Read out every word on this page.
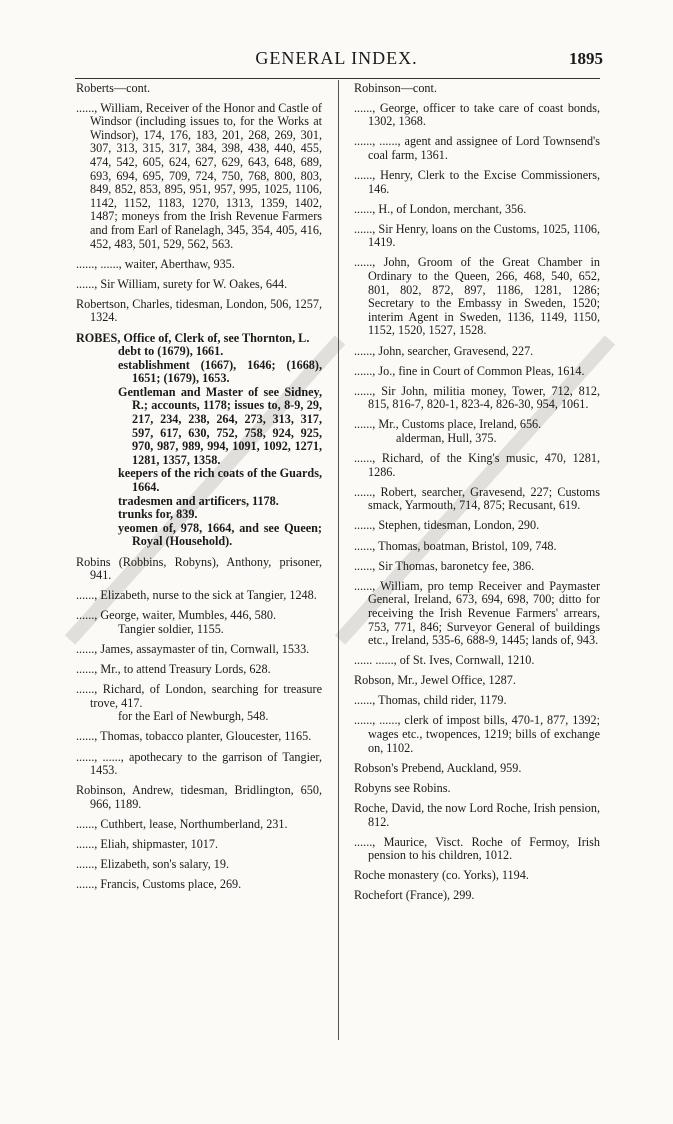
GENERAL INDEX.	1895
Roberts—cont.
......, William, Receiver of the Honor and Castle of Windsor (including issues to, for the Works at Windsor), 174, 176, 183, 201, 268, 269, 301, 307, 313, 315, 317, 384, 398, 438, 440, 455, 474, 542, 605, 624, 627, 629, 643, 648, 689, 693, 694, 695, 709, 724, 750, 768, 800, 803, 849, 852, 853, 895, 951, 957, 995, 1025, 1106, 1142, 1152, 1183, 1270, 1313, 1359, 1402, 1487; moneys from the Irish Revenue Farmers and from Earl of Ranelagh, 345, 354, 405, 416, 452, 483, 501, 529, 562, 563.
......, ......, waiter, Aberthaw, 935.
......, Sir William, surety for W. Oakes, 644.
Robertson, Charles, tidesman, London, 506, 1257, 1324.
ROBES, Office of, Clerk of, see Thornton, L.
debt to (1679), 1661.
establishment (1667), 1646; (1668), 1651; (1679), 1653.
Gentleman and Master of see Sidney, R.; accounts, 1178; issues to, 8-9, 29, 217, 234, 238, 264, 273, 313, 317, 597, 617, 630, 752, 758, 924, 925, 970, 987, 989, 994, 1091, 1092, 1271, 1281, 1357, 1358.
keepers of the rich coats of the Guards, 1664.
tradesmen and artificers, 1178.
trunks for, 839.
yeomen of, 978, 1664, and see Queen; Royal (Household).
Robins (Robbins, Robyns), Anthony, prisoner, 941.
......, Elizabeth, nurse to the sick at Tangier, 1248.
......, George, waiter, Mumbles, 446, 580.
Tangier soldier, 1155.
......, James, assaymaster of tin, Cornwall, 1533.
......, Mr., to attend Treasury Lords, 628.
......, Richard, of London, searching for treasure trove, 417.
for the Earl of Newburgh, 548.
......, Thomas, tobacco planter, Gloucester, 1165.
......, ......, apothecary to the garrison of Tangier, 1453.
Robinson, Andrew, tidesman, Bridlington, 650, 966, 1189.
......, Cuthbert, lease, Northumberland, 231.
......, Eliah, shipmaster, 1017.
......, Elizabeth, son's salary, 19.
......, Francis, Customs place, 269.
Robinson—cont.
......, George, officer to take care of coast bonds, 1302, 1368.
......, ......, agent and assignee of Lord Townsend's coal farm, 1361.
......, Henry, Clerk to the Excise Commissioners, 146.
......, H., of London, merchant, 356.
......, Sir Henry, loans on the Customs, 1025, 1106, 1419.
......, John, Groom of the Great Chamber in Ordinary to the Queen, 266, 468, 540, 652, 801, 802, 872, 897, 1186, 1281, 1286; Secretary to the Embassy in Sweden, 1520; interim Agent in Sweden, 1136, 1149, 1150, 1152, 1520, 1527, 1528.
......, John, searcher, Gravesend, 227.
......, Jo., fine in Court of Common Pleas, 1614.
......, Sir John, militia money, Tower, 712, 812, 815, 816-7, 820-1, 823-4, 826-30, 954, 1061.
......, Mr., Customs place, Ireland, 656.
alderman, Hull, 375.
......, Richard, of the King's music, 470, 1281, 1286.
......, Robert, searcher, Gravesend, 227; Customs smack, Yarmouth, 714, 875; Recusant, 619.
......, Stephen, tidesman, London, 290.
......, Thomas, boatman, Bristol, 109, 748.
......, Sir Thomas, baronetcy fee, 386.
......, William, pro temp Receiver and Paymaster General, Ireland, 673, 694, 698, 700; ditto for receiving the Irish Revenue Farmers' arrears, 753, 771, 846; Surveyor General of buildings etc., Ireland, 535-6, 688-9, 1445; lands of, 943.
...... ......, of St. Ives, Cornwall, 1210.
Robson, Mr., Jewel Office, 1287.
......, Thomas, child rider, 1179.
......, ......, clerk of impost bills, 470-1, 877, 1392; wages etc., twopences, 1219; bills of exchange on, 1102.
Robson's Prebend, Auckland, 959.
Robyns see Robins.
Roche, David, the now Lord Roche, Irish pension, 812.
......, Maurice, Visct. Roche of Fermoy, Irish pension to his children, 1012.
Roche monastery (co. Yorks), 1194.
Rochefort (France), 299.
